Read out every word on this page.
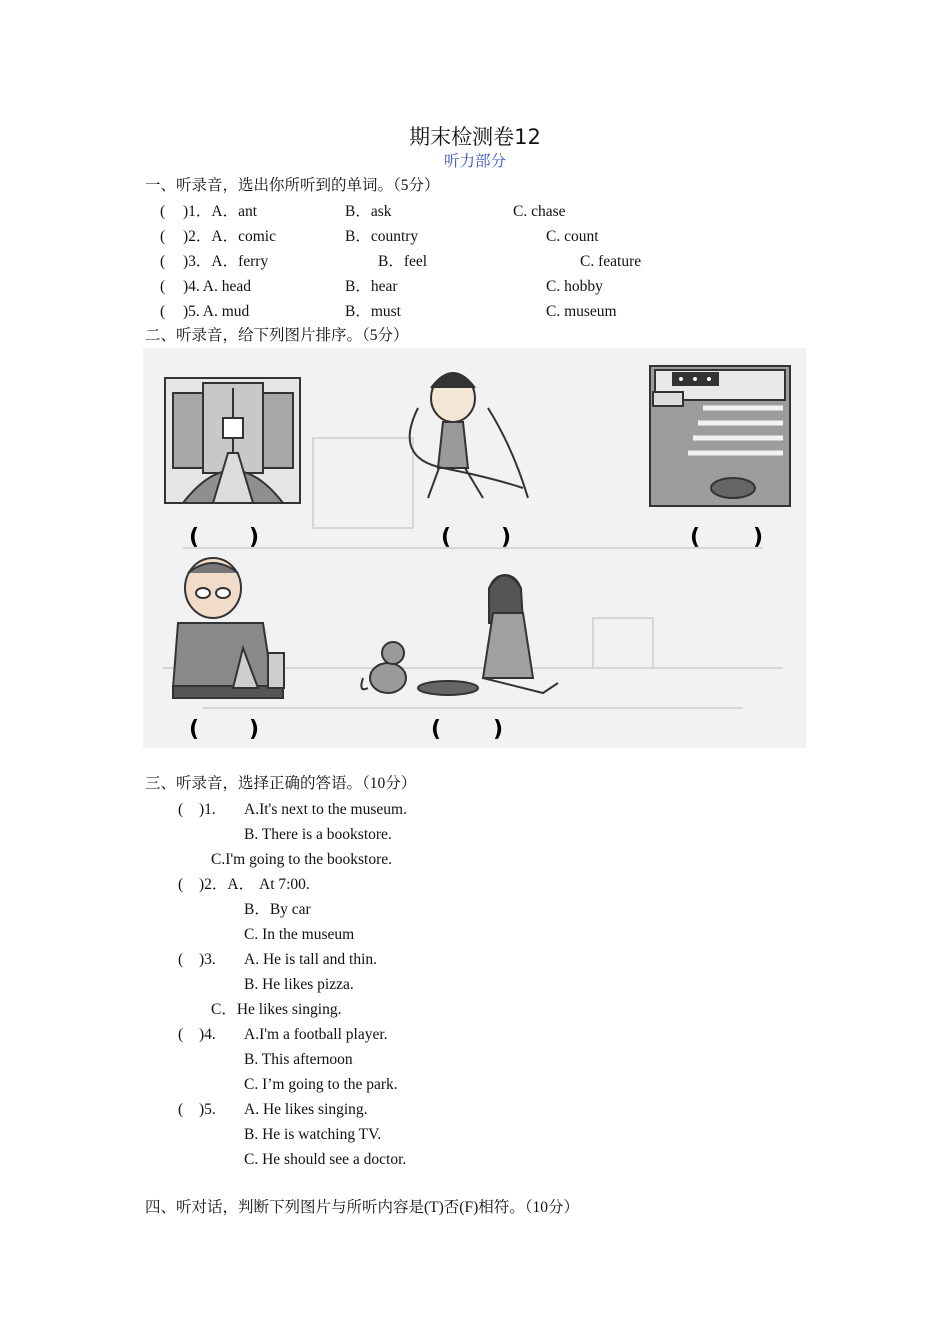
期末检测卷12
听力部分
一、听录音，选出你所听到的单词。（5分）
( )1．A．ant	B．ask	C. chase
( )2．A．comic	B．country	C. count
( )3．A．ferry	B．feel	C. feature
( )4. A. head	B．hear	C. hobby
( )5. A. mud	B．must	C. museum
二、听录音，给下列图片排序。（5分）
( )	( )	( )
( )	( )
三、听录音，选择正确的答语。（10分）
( )1. A.It's next to the museum.
B. There is a bookstore.
C.I'm going to the bookstore.
( )2．A． At 7:00.
B．By car
C. In the museum
( )3. A. He is tall and thin.
B. He likes pizza.
C．He likes singing.
( )4. A.I'm a football player.
B. This afternoon
C. I’m going to the park.
( )5. A. He likes singing.
B. He is watching TV.
C. He should see a doctor.
四、听对话，判断下列图片与所听内容是(T)否(F)相符。（10分）
